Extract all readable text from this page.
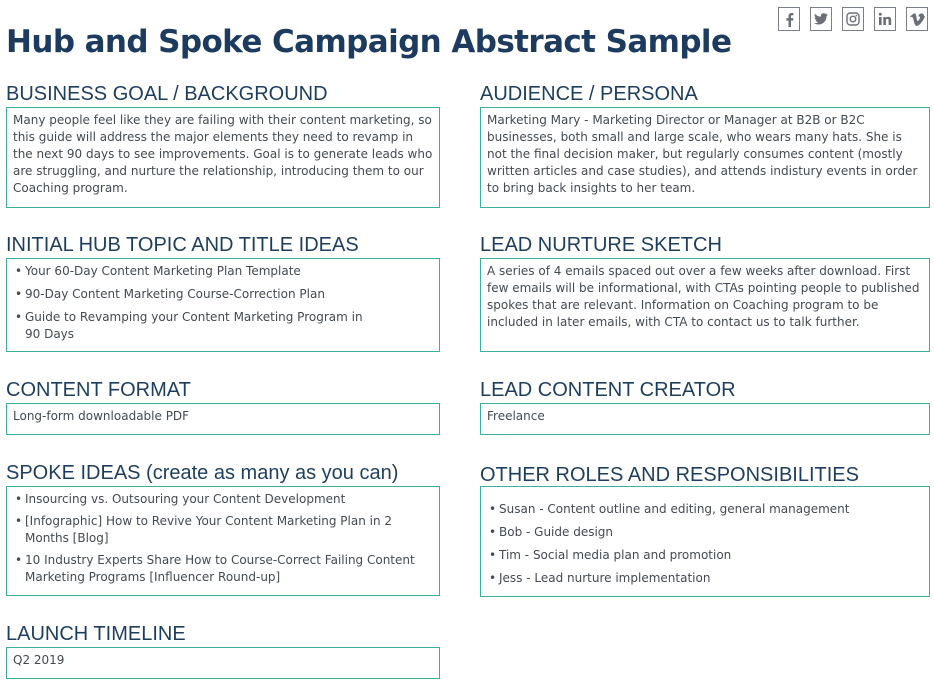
Hub and Spoke Campaign Abstract Sample
BUSINESS GOAL / BACKGROUND

Many people feel like they are failing with their content marketing, so this guide will address the major elements they need to revamp in the next 90 days to see improvements. Goal is to generate leads who are struggling, and nurture the relationship, introducing them to our Coaching program.

AUDIENCE / PERSONA

Marketing Mary - Marketing Director or Manager at B2B or B2C businesses, both small and large scale, who wears many hats. She is not the final decision maker, but regularly consumes content (mostly written articles and case studies), and attends indistury events in order to bring back insights to her team.

INITIAL HUB TOPIC AND TITLE IDEAS
• Your 60-Day Content Marketing Plan Template
• 90-Day Content Marketing Course-Correction Plan
• Guide to Revamping your Content Marketing Program in 90 Days
LEAD NURTURE SKETCH

A series of 4 emails spaced out over a few weeks after download. First few emails will be informational, with CTAs pointing people to published spokes that are relevant. Information on Coaching program to be included in later emails, with CTA to contact us to talk further.

CONTENT FORMAT

Long-form downloadable PDF

LEAD CONTENT CREATOR

Freelance

SPOKE IDEAS (create as many as you can)
• Insourcing vs. Outsouring your Content Development
• [Infographic] How to Revive Your Content Marketing Plan in 2 Months [Blog]
• 10 Industry Experts Share How to Course-Correct Failing Content Marketing Programs [Influencer Round-up]
OTHER ROLES AND RESPONSIBILITIES
• Susan - Content outline and editing, general management
• Bob - Guide design
• Tim - Social media plan and promotion
• Jess - Lead nurture implementation
LAUNCH TIMELINE

Q2 2019
